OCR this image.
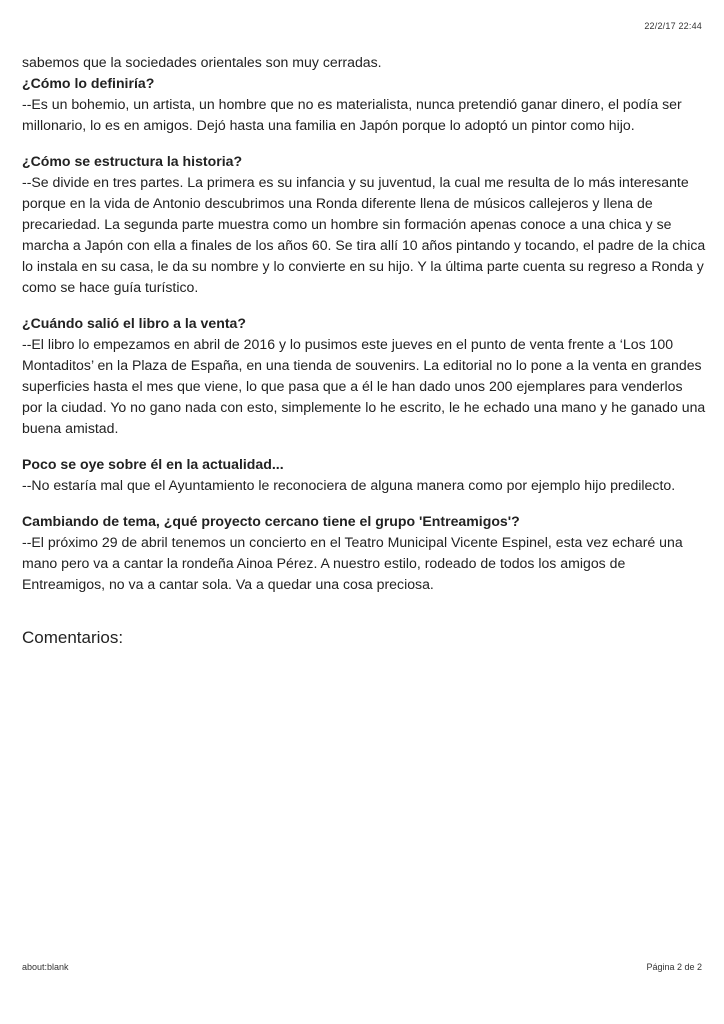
22/2/17 22:44

sabemos que la sociedades orientales son muy cerradas.

¿Cómo lo definiría?

--Es un bohemio, un artista, un hombre que no es materialista, nunca pretendió ganar dinero, el podía ser millonario, lo es en amigos. Dejó hasta una familia en Japón porque lo adoptó un pintor como hijo.

¿Cómo se estructura la historia?

--Se divide en tres partes. La primera es su infancia y su juventud, la cual me resulta de lo más interesante porque en la vida de Antonio descubrimos una Ronda diferente llena de músicos callejeros y llena de precariedad. La segunda parte muestra como un hombre sin formación apenas conoce a una chica y se marcha a Japón con ella a finales de los años 60. Se tira allí 10 años pintando y tocando, el padre de la chica lo instala en su casa, le da su nombre y lo convierte en su hijo. Y la última parte cuenta su regreso a Ronda y como se hace guía turístico.

¿Cuándo salió el libro a la venta?

--El libro lo empezamos en abril de 2016 y lo pusimos este jueves en el punto de venta frente a ‘Los 100 Montaditos’ en la Plaza de España, en una tienda de souvenirs. La editorial no lo pone a la venta en grandes superficies hasta el mes que viene, lo que pasa que a él le han dado unos 200 ejemplares para venderlos por la ciudad. Yo no gano nada con esto, simplemente lo he escrito, le he echado una mano y he ganado una buena amistad.

Poco se oye sobre él en la actualidad...

--No estaría mal que el Ayuntamiento le reconociera de alguna manera como por ejemplo hijo predilecto.

Cambiando de tema, ¿qué proyecto cercano tiene el grupo 'Entreamigos'?

--El próximo 29 de abril tenemos un concierto en el Teatro Municipal Vicente Espinel, esta vez echaré una mano pero va a cantar la rondeña Ainoa Pérez. A nuestro estilo, rodeado de todos los amigos de Entreamigos, no va a cantar sola. Va a quedar una cosa preciosa.

Comentarios:
about:blank	Página 2 de 2
